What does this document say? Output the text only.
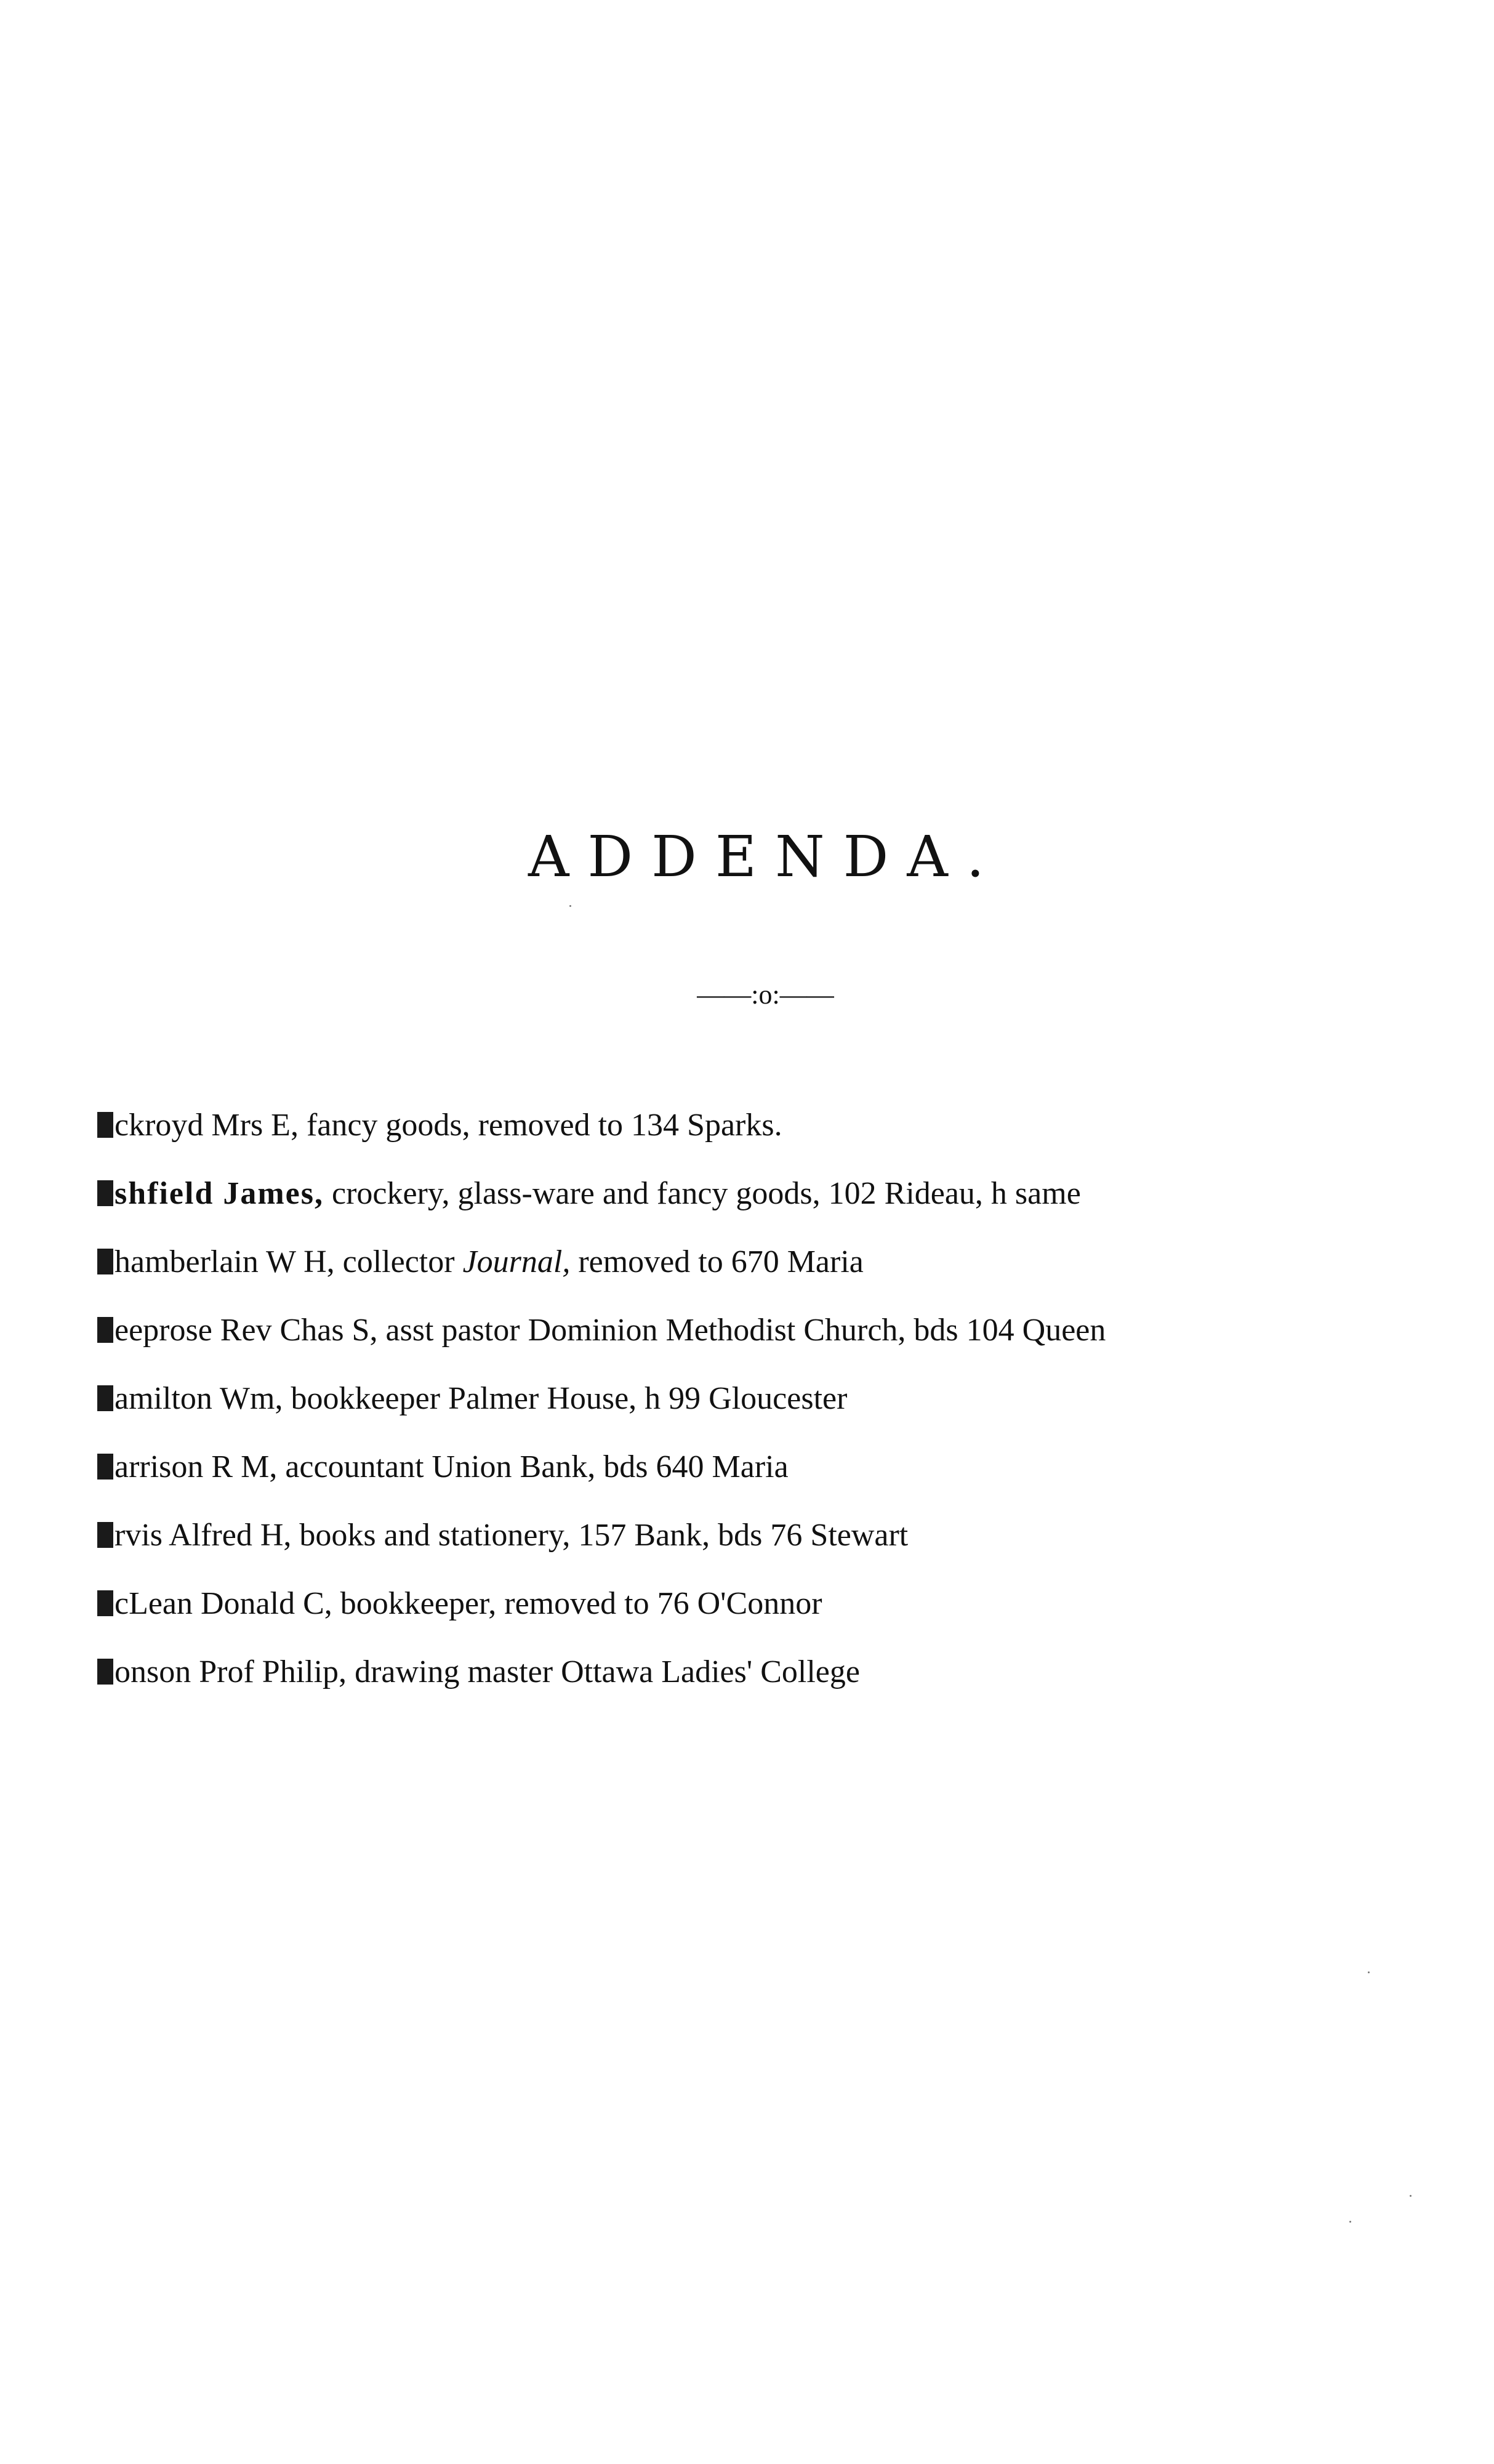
ADDENDA.
——:o:——
ckroyd Mrs E, fancy goods, removed to 134 Sparks.
shfield James, crockery, glass-ware and fancy goods, 102 Rideau, h same
hamberlain W H, collector Journal, removed to 670 Maria
eeprose Rev Chas S, asst pastor Dominion Methodist Church, bds 104 Queen
amilton Wm, bookkeeper Palmer House, h 99 Gloucester
arrison R M, accountant Union Bank, bds 640 Maria
rvis Alfred H, books and stationery, 157 Bank, bds 76 Stewart
cLean Donald C, bookkeeper, removed to 76 O'Connor
onson Prof Philip, drawing master Ottawa Ladies' College
